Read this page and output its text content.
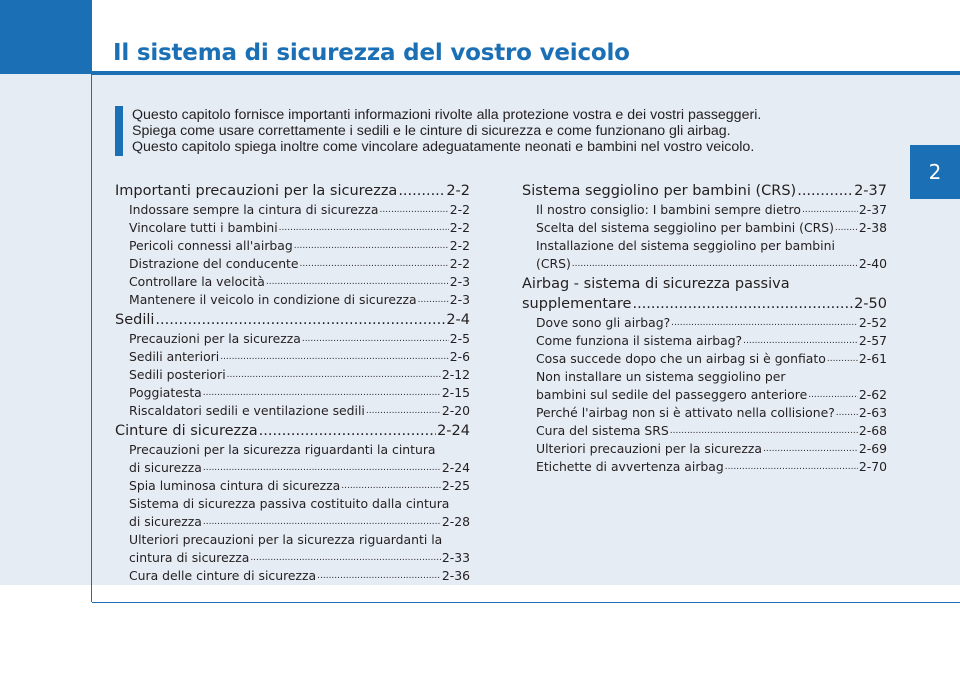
Il sistema di sicurezza del vostro veicolo
2

Questo capitolo fornisce importanti informazioni rivolte alla protezione vostra e dei vostri passeggeri.

Spiega come usare correttamente i sedili e le cinture di sicurezza e come funzionano gli airbag.

Questo capitolo spiega inoltre come vincolare adeguatamente neonati e bambini nel vostro veicolo.

Importanti precauzioni per la sicurezza .....	2-2
Indossare sempre la cintura di sicurezza .....	2-2
Vincolare tutti i bambini .....	2-2
Pericoli connessi all'airbag .....	2-2
Distrazione del conducente .....	2-2
Controllare la velocità .....	2-3
Mantenere il veicolo in condizione di sicurezza .....	2-3
Sedili .....	2-4
Precauzioni per la sicurezza .....	2-5
Sedili anteriori .....	2-6
Sedili posteriori .....	2-12
Poggiatesta .....	2-15
Riscaldatori sedili e ventilazione sedili .....	2-20
Cinture di sicurezza .....	2-24
Precauzioni per la sicurezza riguardanti la cintura
di sicurezza .....	2-24
Spia luminosa cintura di sicurezza .....	2-25
Sistema di sicurezza passiva costituito dalla cintura
di sicurezza .....	2-28
Ulteriori precauzioni per la sicurezza riguardanti la
cintura di sicurezza .....	2-33
Cura delle cinture di sicurezza .....	2-36
Sistema seggiolino per bambini (CRS) .....	2-37
Il nostro consiglio: I bambini sempre dietro .....	2-37
Scelta del sistema seggiolino per bambini (CRS) ..... 2-38
Installazione del sistema seggiolino per bambini
(CRS) .....	2-40
Airbag - sistema di sicurezza passiva
supplementare .....	2-50
Dove sono gli airbag? .....	2-52
Come funziona il sistema airbag? .....	2-57
Cosa succede dopo che un airbag si è gonfiato .....	2-61
Non installare un sistema seggiolino per
bambini sul sedile del passeggero anteriore .....	2-62
Perché l'airbag non si è attivato nella collisione? ..... 2-63
Cura del sistema SRS .....	2-68
Ulteriori precauzioni per la sicurezza .....	2-69
Etichette di avvertenza airbag .....	2-70
